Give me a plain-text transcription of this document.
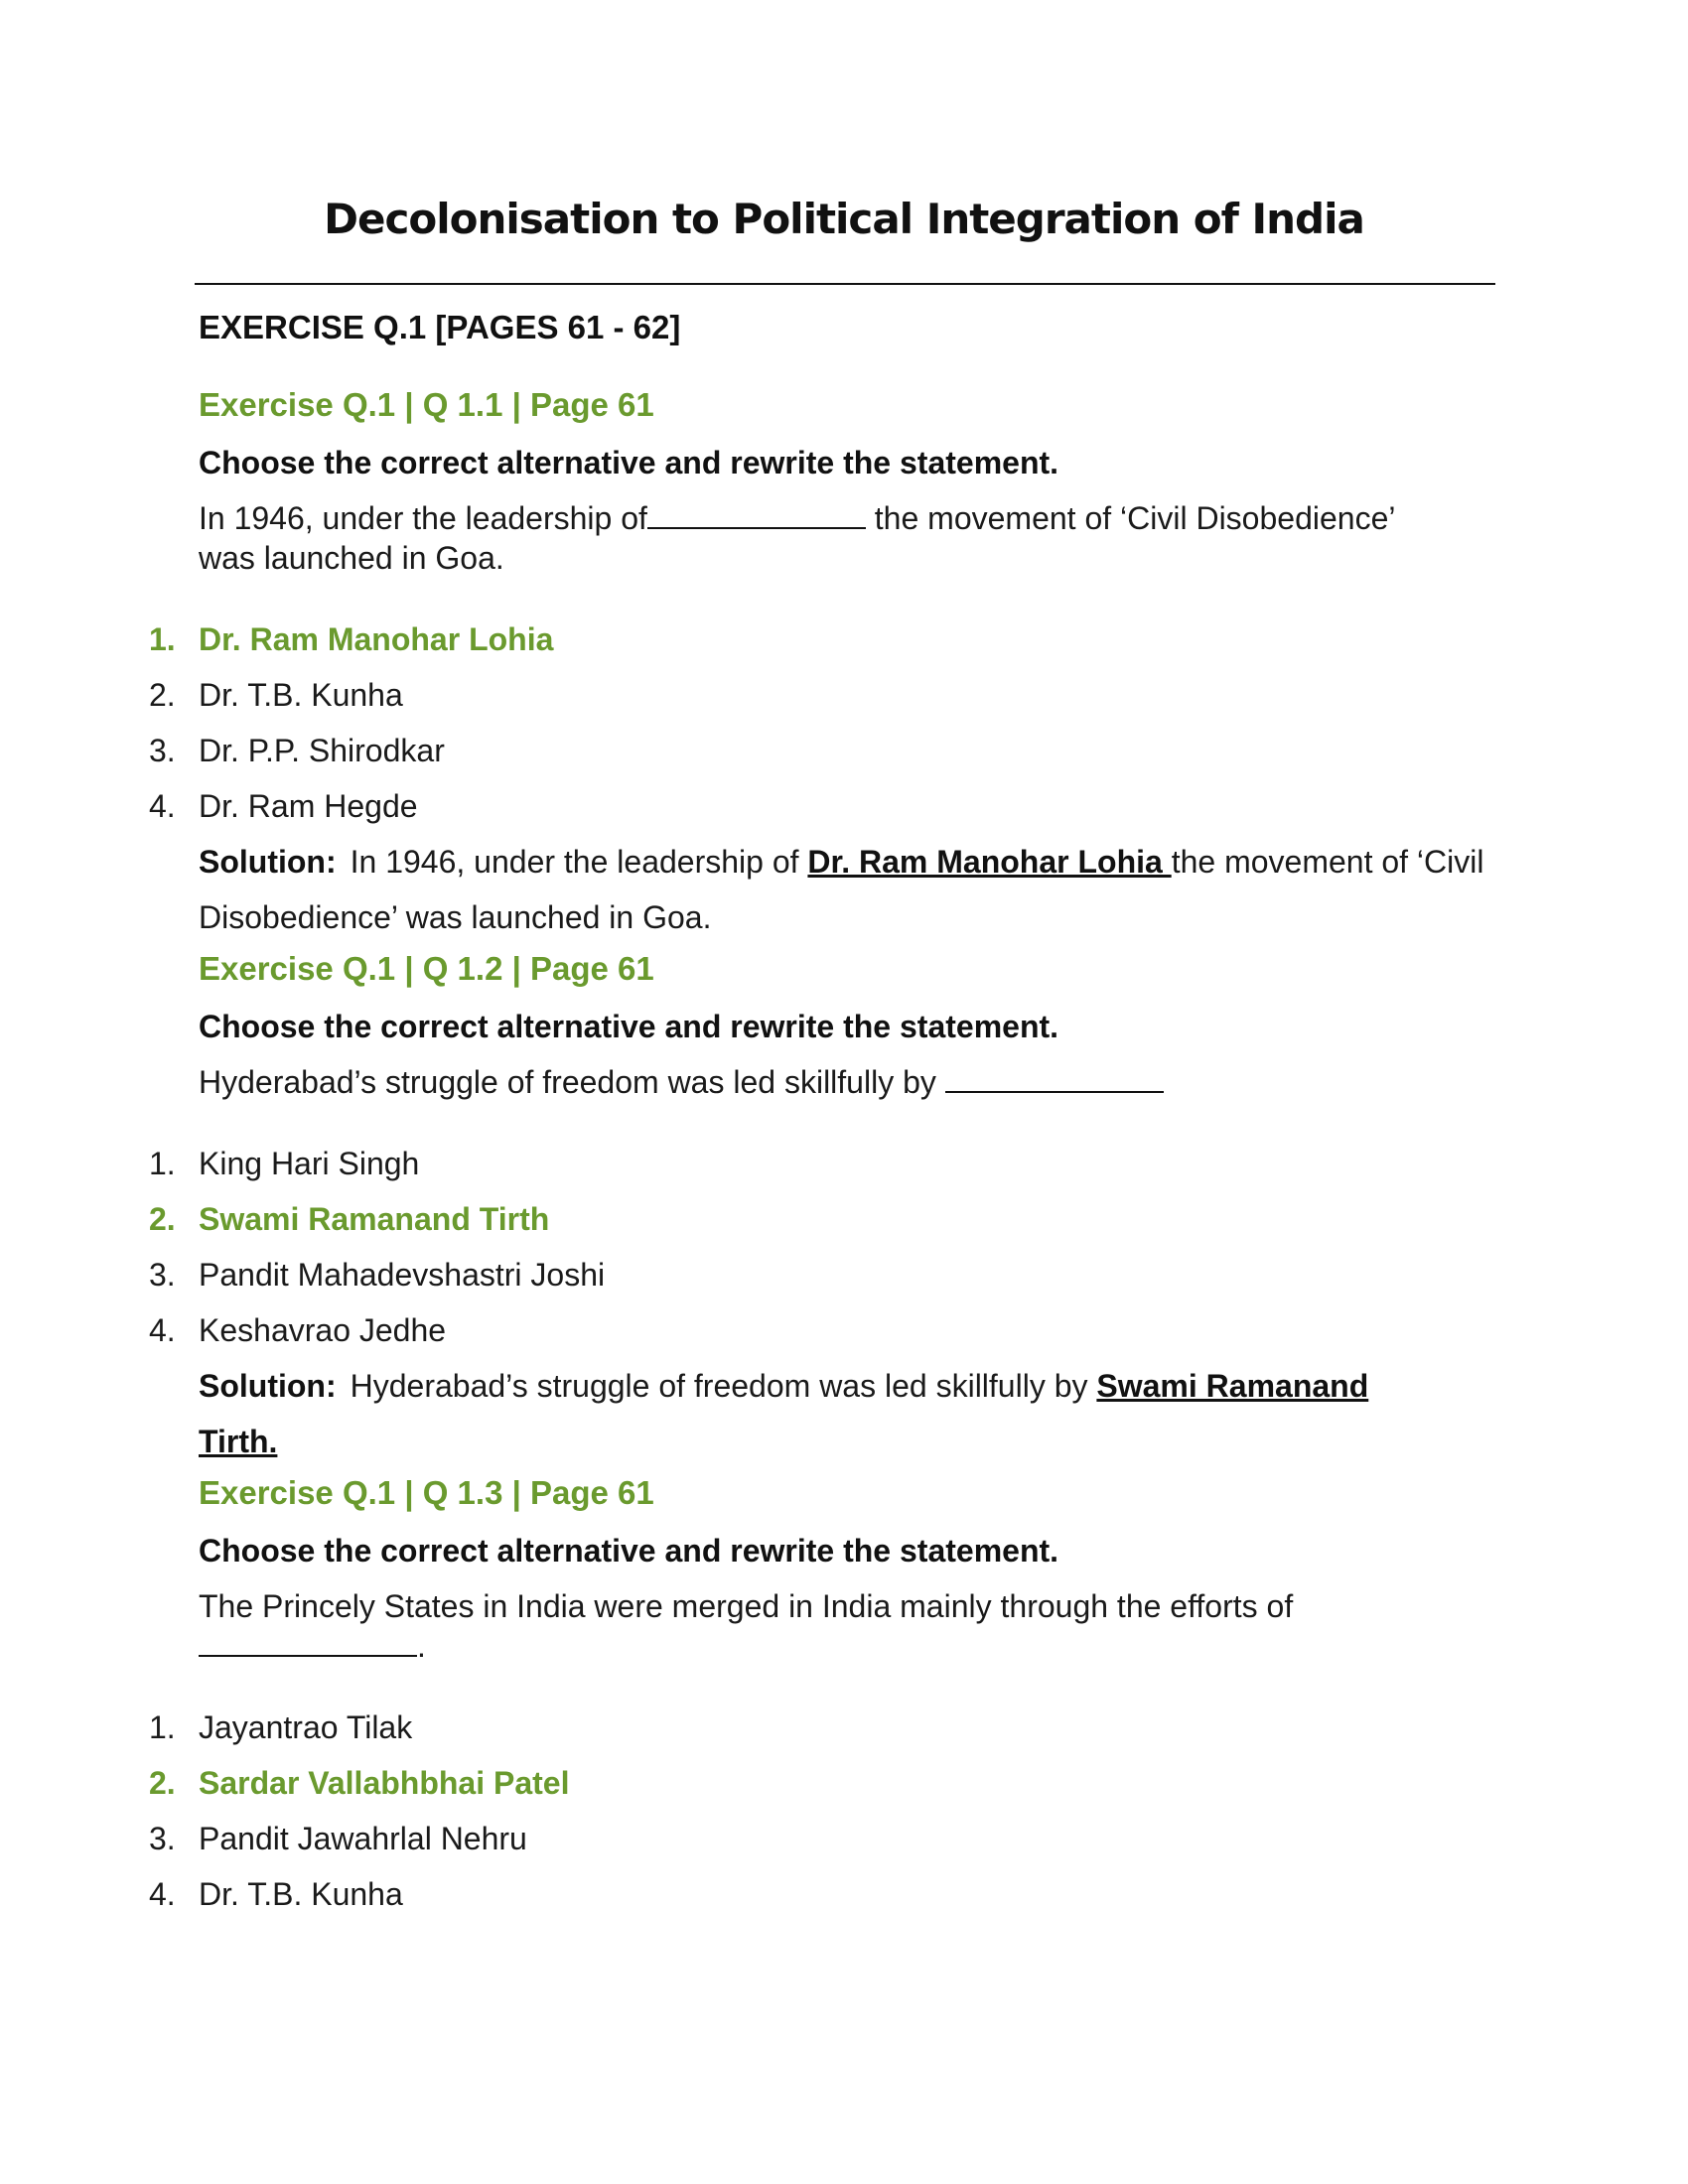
Decolonisation to Political Integration of India
EXERCISE Q.1 [PAGES 61 - 62]
Exercise Q.1 | Q 1.1 | Page 61
Choose the correct alternative and rewrite the statement.

In 1946, under the leadership of	the movement of ‘Civil Disobedience’ was launched in Goa.

1. Dr. Ram Manohar Lohia
2. Dr. T.B. Kunha
3. Dr. P.P. Shirodkar
4. Dr. Ram Hegde

Solution: In 1946, under the leadership of Dr. Ram Manohar Lohia the movement of ‘Civil Disobedience’ was launched in Goa.

Exercise Q.1 | Q 1.2 | Page 61
Choose the correct alternative and rewrite the statement.

Hyderabad’s struggle of freedom was led skillfully by

1. King Hari Singh
2. Swami Ramanand Tirth
3. Pandit Mahadevshastri Joshi
4. Keshavrao Jedhe

Solution: Hyderabad’s struggle of freedom was led skillfully by Swami Ramanand Tirth.

Exercise Q.1 | Q 1.3 | Page 61
Choose the correct alternative and rewrite the statement.

The Princely States in India were merged in India mainly through the efforts of.

1. Jayantrao Tilak
2. Sardar Vallabhbhai Patel
3. Pandit Jawahrlal Nehru
4. Dr. T.B. Kunha
